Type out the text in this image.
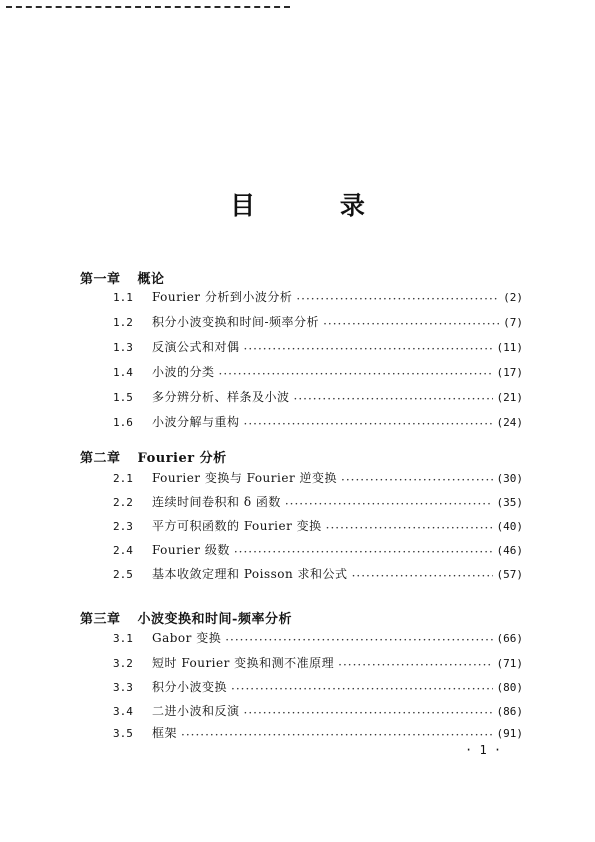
目 录
第一章 概论
1.1	Fourier 分析到小波分析 ·····	(2)
1.2	积分小波变换和时间-频率分析 ·····	(7)
1.3	反演公式和对偶 ·····	(11)
1.4	小波的分类 ·····	(17)
1.5	多分辨分析、样条及小波 ·····	(21)
1.6	小波分解与重构 ·····	(24)
第二章 Fourier 分析
2.1	Fourier 变换与 Fourier 逆变换 ·····	(30)
2.2	连续时间卷积和 δ 函数 ·····	(35)
2.3	平方可积函数的 Fourier 变换 ·····	(40)
2.4	Fourier 级数 ·····	(46)
2.5	基本收敛定理和 Poisson 求和公式 ·····	(57)
第三章 小波变换和时间-频率分析
3.1	Gabor 变换 ·····	(66)
3.2	短时 Fourier 变换和测不准原理 ·····	(71)
3.3	积分小波变换 ·····	(80)
3.4	二进小波和反演 ·····	(86)
3.5	框架 ·····	(91)
· 1 ·
